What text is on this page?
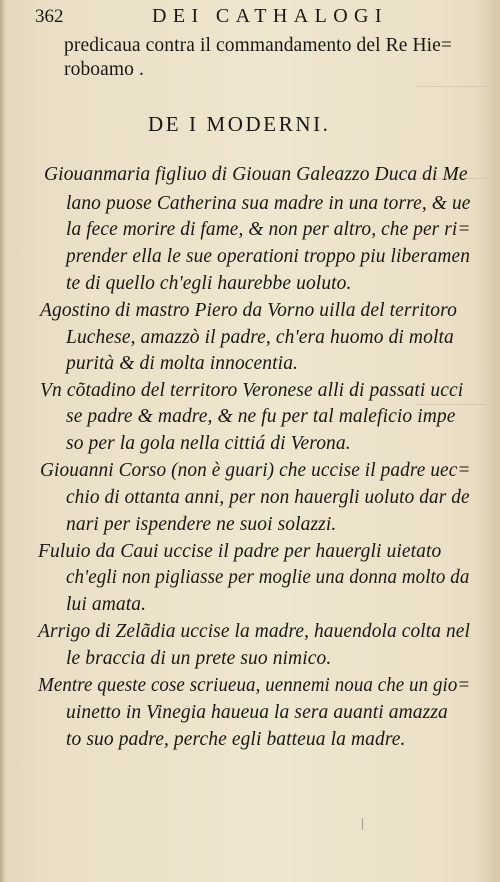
362	DEI CATHALOGI
predicaua contra il commandamento del Re Hie=
roboamo .
DE I MODERNI.
Giouanmaria figliuo di Giouan Galeazzo Duca di Me
lano puose Catherina sua madre in una torre, & ue
la fece morire di fame, & non per altro, che per ri=
prender ella le sue operationi troppo piu liberamen
te di quello ch'egli haurebbe uoluto.
Agostino di mastro Piero da Vorno uilla del territoro
Luchese, amazzò il padre, ch'era huomo di molta
purità & di molta innocentia.
Vn cõtadino del territoro Veronese alli di passati ucci
se padre & madre, & ne fu per tal maleficio impe
so per la gola nella cittiá di Verona.
Giouanni Corso (non è guari) che uccise il padre uec=
chio di ottanta anni, per non hauergli uoluto dar de
nari per ispendere ne suoi solazzi.
Fuluio da Caui uccise il padre per hauergli uietato
ch'egli non pigliasse per moglie una donna molto da
lui amata.
Arrigo di Zelãdia uccise la madre, hauendola colta nel
le braccia di un prete suo nimico.
Mentre queste cose scriueua, uennemi noua che un gio=
uinetto in Vinegia haueua la sera auanti amazza
to suo padre, perche egli batteua la madre.
